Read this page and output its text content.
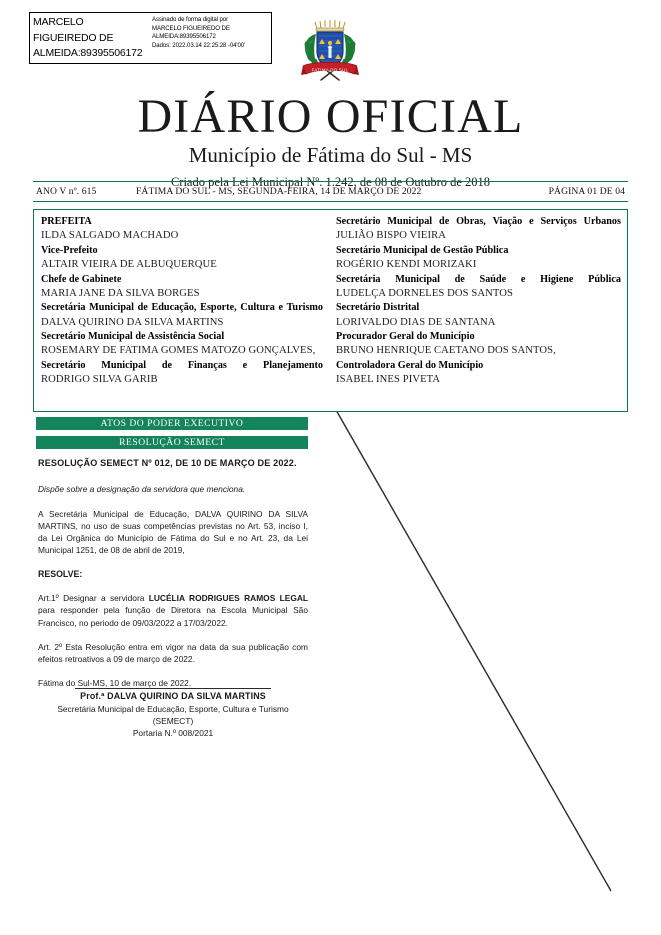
MARCELO FIGUEIREDO DE ALMEIDA:89395506172
Assinado de forma digital por
MARCELO FIGUEIREDO DE
ALMEIDA:89395506172
Dados: 2022.03.14 22:25:28 -04'00'
FATIMA DO SUL
DIÁRIO OFICIAL
Município de Fátima do Sul - MS
Criado pela Lei Municipal Nº. 1.242, de 08 de Outubro de 2018
ANO V nº. 615	FÁTIMA DO SUL - MS, SEGUNDA-FEIRA, 14 DE MARÇO DE 2022	PÁGINA 01 DE 04
PREFEITA
ILDA SALGADO MACHADO
Vice-Prefeito
ALTAIR VIEIRA DE ALBUQUERQUE
Chefe de Gabinete
MARIA JANE DA SILVA BORGES
Secretária Municipal de Educação, Esporte, Cultura e Turismo
DALVA QUIRINO DA SILVA MARTINS
Secretário Municipal de Assistência Social
ROSEMARY DE FATIMA GOMES MATOZO GONÇALVES,
Secretário Municipal de Finanças e Planejamento
RODRIGO SILVA GARIB
Secretário Municipal de Obras, Viação e Serviços Urbanos
JULIÃO BISPO VIEIRA
Secretário Municipal de Gestão Pública
ROGÉRIO KENDI MORIZAKI
Secretária Municipal de Saúde e Higiene Pública
LUDELÇA DORNELES DOS SANTOS
Secretário Distrital
LORIVALDO DIAS DE SANTANA
Procurador Geral do Município
BRUNO HENRIQUE CAETANO DOS SANTOS,
Controladora Geral do Município
ISABEL INES PIVETA
ATOS DO PODER EXECUTIVO
RESOLUÇÃO SEMECT
RESOLUÇÃO SEMECT Nº 012, DE 10 DE MARÇO DE 2022.
Dispõe sobre a designação da servidora que menciona.
A Secretária Municipal de Educação, DALVA QUIRINO DA SILVA MARTINS, no uso de suas competências previstas no Art. 53, inciso I, da Lei Orgânica do Município de Fátima do Sul e no Art. 23, da Lei Municipal 1251, de 08 de abril de 2019,
RESOLVE:
Art.1º Designar a servidora LUCÉLIA RODRIGUES RAMOS LEGAL para responder pela função de Diretora na Escola Municipal São Francisco, no periodo de 09/03/2022 a 17/03/2022.
Art. 2º Esta Resolução entra em vigor na data da sua publicação com efeitos retroativos a 09 de março de 2022.
Fátima do Sul-MS, 10 de março de 2022.
Prof.ª DALVA QUIRINO DA SILVA MARTINS
Secretária Municipal de Educação, Esporte, Cultura e Turismo
(SEMECT)
Portaria N.º 008/2021
